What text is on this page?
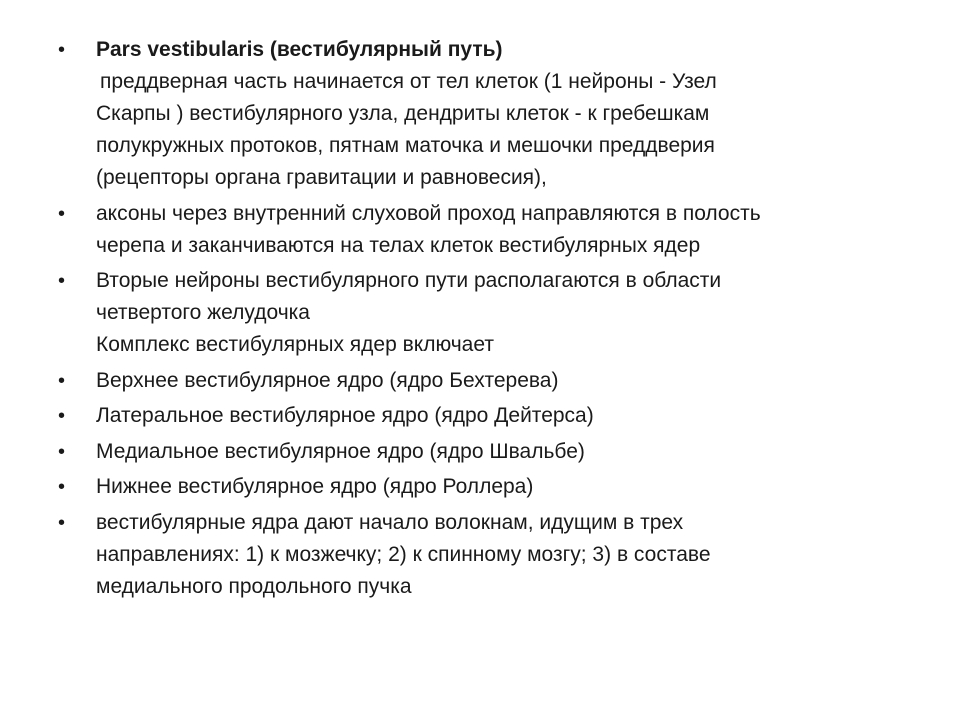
• Pars vestibularis (вестибулярный путь)
преддверная часть начинается от тел клеток (1 нейроны - Узел
Скарпы ) вестибулярного узла, дендриты клеток - к гребешкам
полукружных протоков, пятнам маточка и мешочки преддверия
(рецепторы органа гравитации и равновесия),
• аксоны через внутренний слуховой проход направляются в полость
черепа и заканчиваются на телах клеток вестибулярных ядер
• Вторые нейроны вестибулярного пути располагаются в области
четвертого желудочка
Комплекс вестибулярных ядер включает
• Верхнее вестибулярное ядро (ядро Бехтерева)
• Латеральное вестибулярное ядро (ядро Дейтерса)
• Медиальное вестибулярное ядро (ядро Швальбе)
• Нижнее вестибулярное ядро (ядро Роллера)
• вестибулярные ядра дают начало волокнам, идущим в трех
направлениях: 1) к мозжечку; 2) к спинному мозгу; 3) в составе
медиального продольного пучка
